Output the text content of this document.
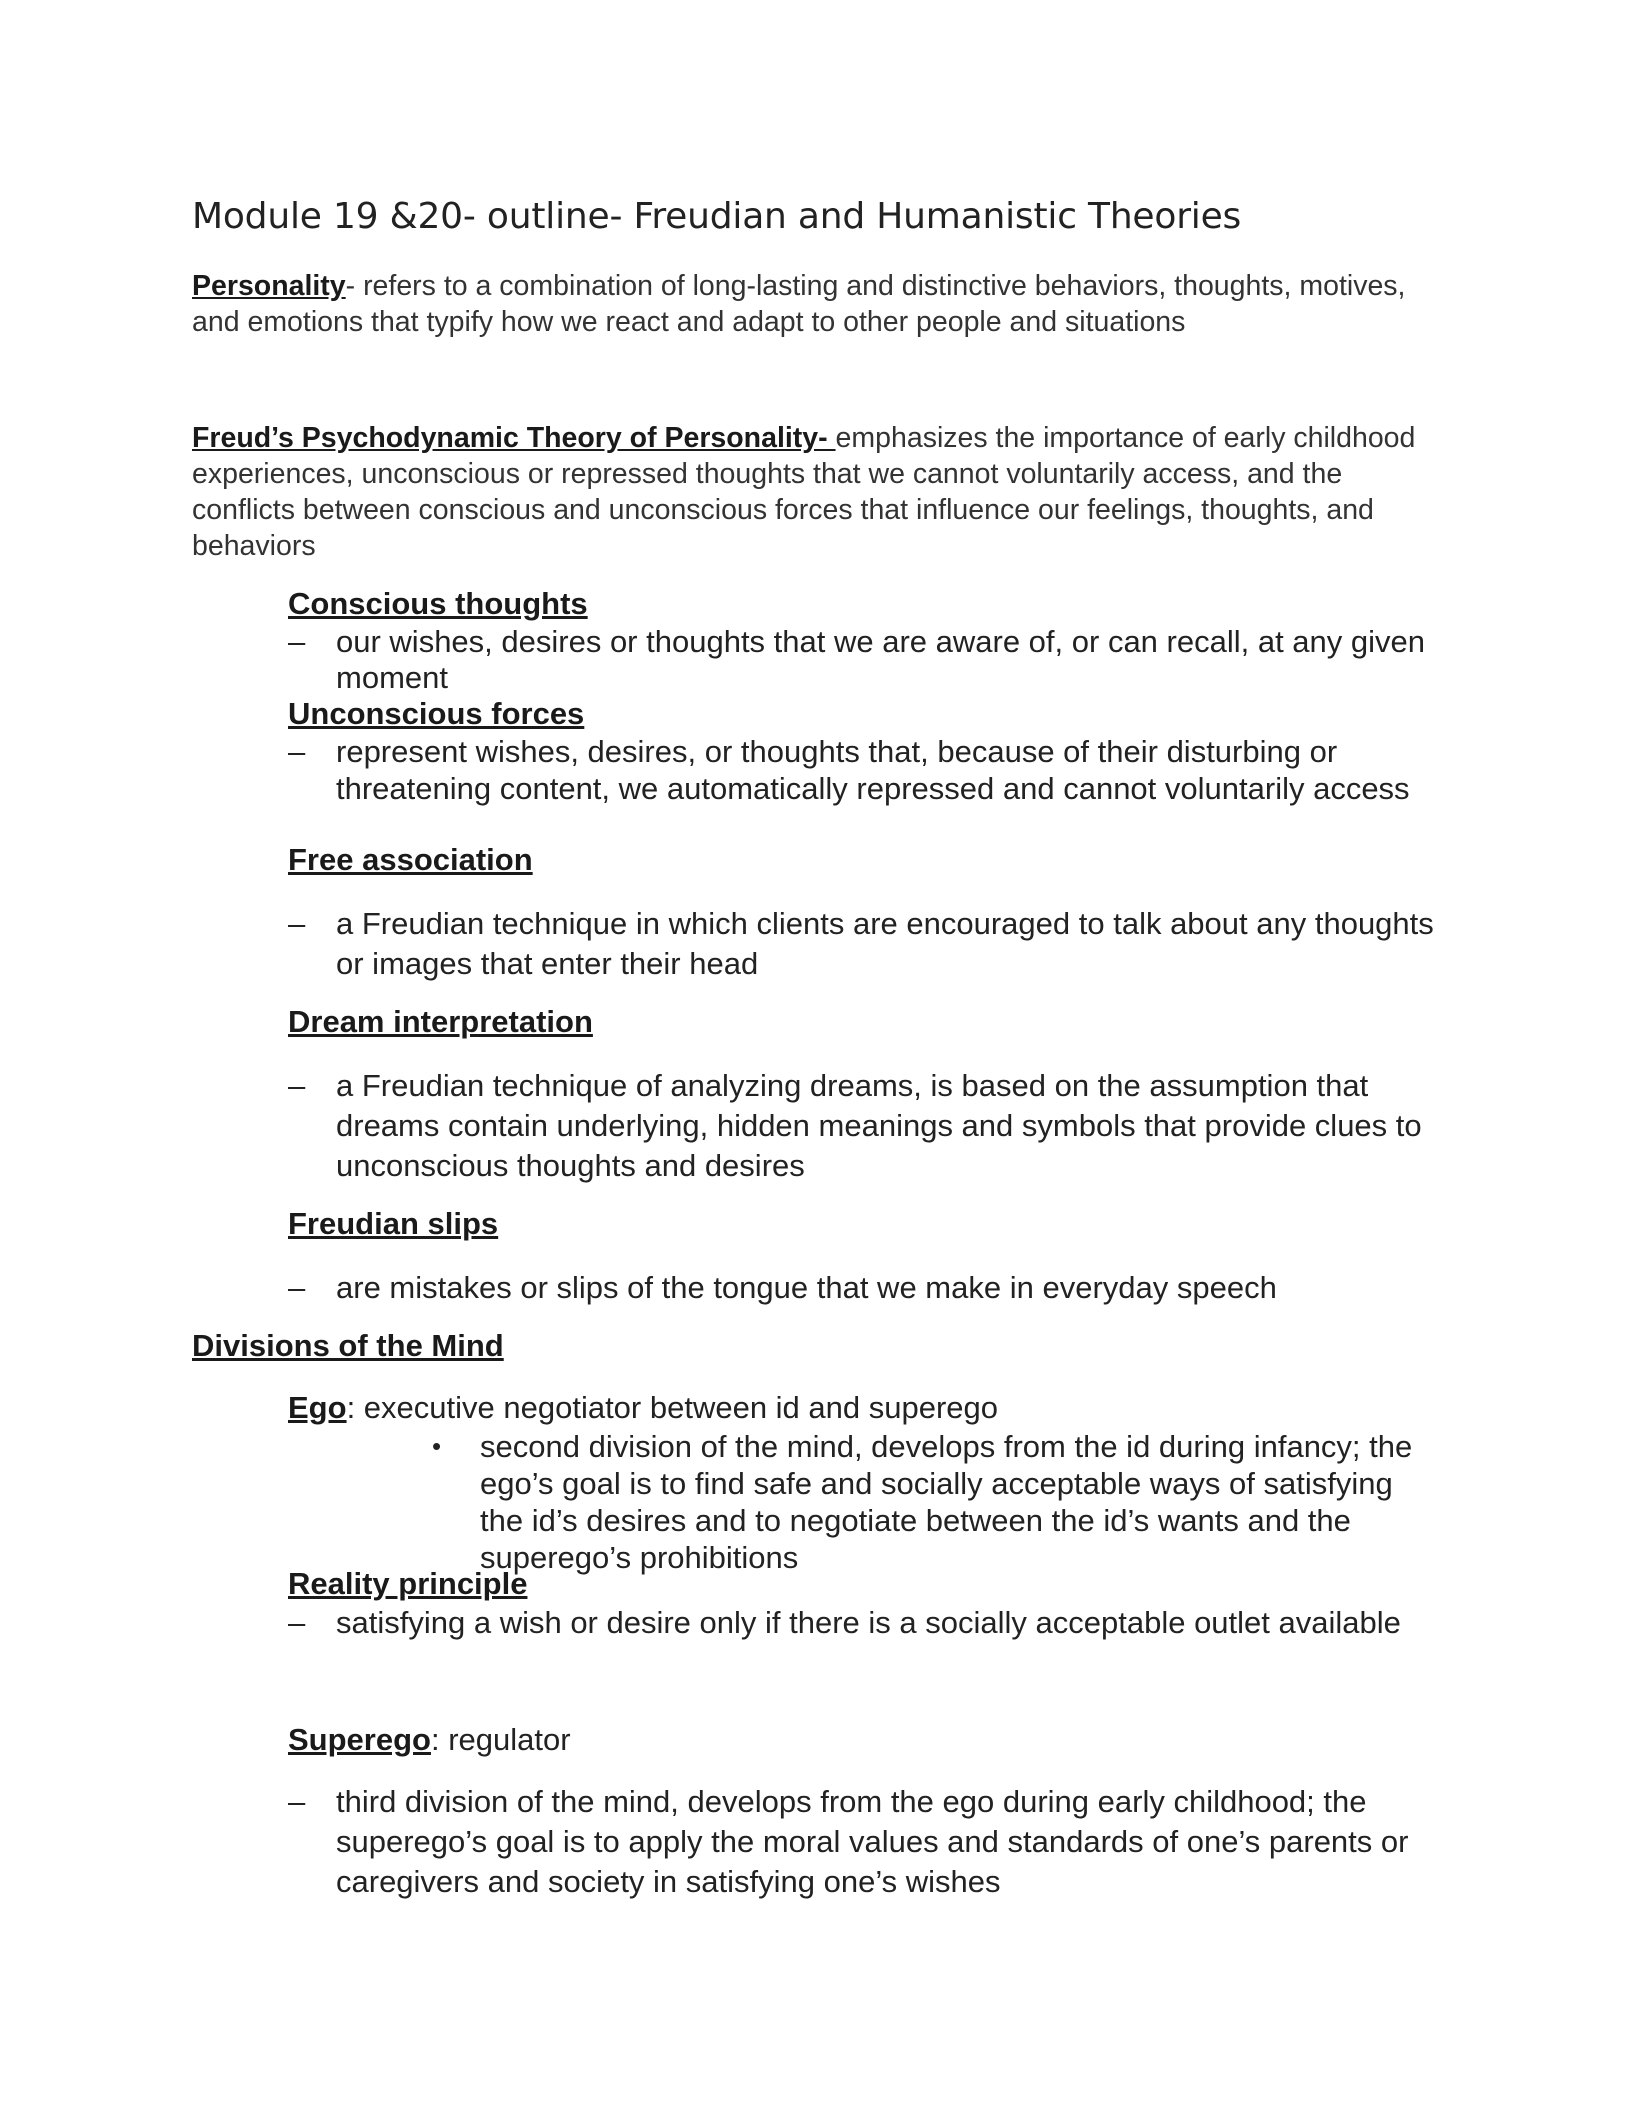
Module 19 &20- outline- Freudian and Humanistic Theories
Personality- refers to a combination of long-lasting and distinctive behaviors, thoughts, motives, and emotions that typify how we react and adapt to other people and situations
Freud’s Psychodynamic Theory of Personality- emphasizes the importance of early childhood experiences, unconscious or repressed thoughts that we cannot voluntarily access, and the conflicts between conscious and unconscious forces that influence our feelings, thoughts, and behaviors
Conscious thoughts
– our wishes, desires or thoughts that we are aware of, or can recall, at any given moment
Unconscious forces
– represent wishes, desires, or thoughts that, because of their disturbing or threatening content, we automatically repressed and cannot voluntarily access
Free association
– a Freudian technique in which clients are encouraged to talk about any thoughts or images that enter their head
Dream interpretation
– a Freudian technique of analyzing dreams, is based on the assumption that dreams contain underlying, hidden meanings and symbols that provide clues to unconscious thoughts and desires
Freudian slips
– are mistakes or slips of the tongue that we make in everyday speech
Divisions of the Mind
Ego: executive negotiator between id and superego
• second division of the mind, develops from the id during infancy; the ego’s goal is to find safe and socially acceptable ways of satisfying the id’s desires and to negotiate between the id’s wants and the superego’s prohibitions
Reality principle
– satisfying a wish or desire only if there is a socially acceptable outlet available
Superego: regulator
– third division of the mind, develops from the ego during early childhood; the superego’s goal is to apply the moral values and standards of one’s parents or caregivers and society in satisfying one’s wishes
